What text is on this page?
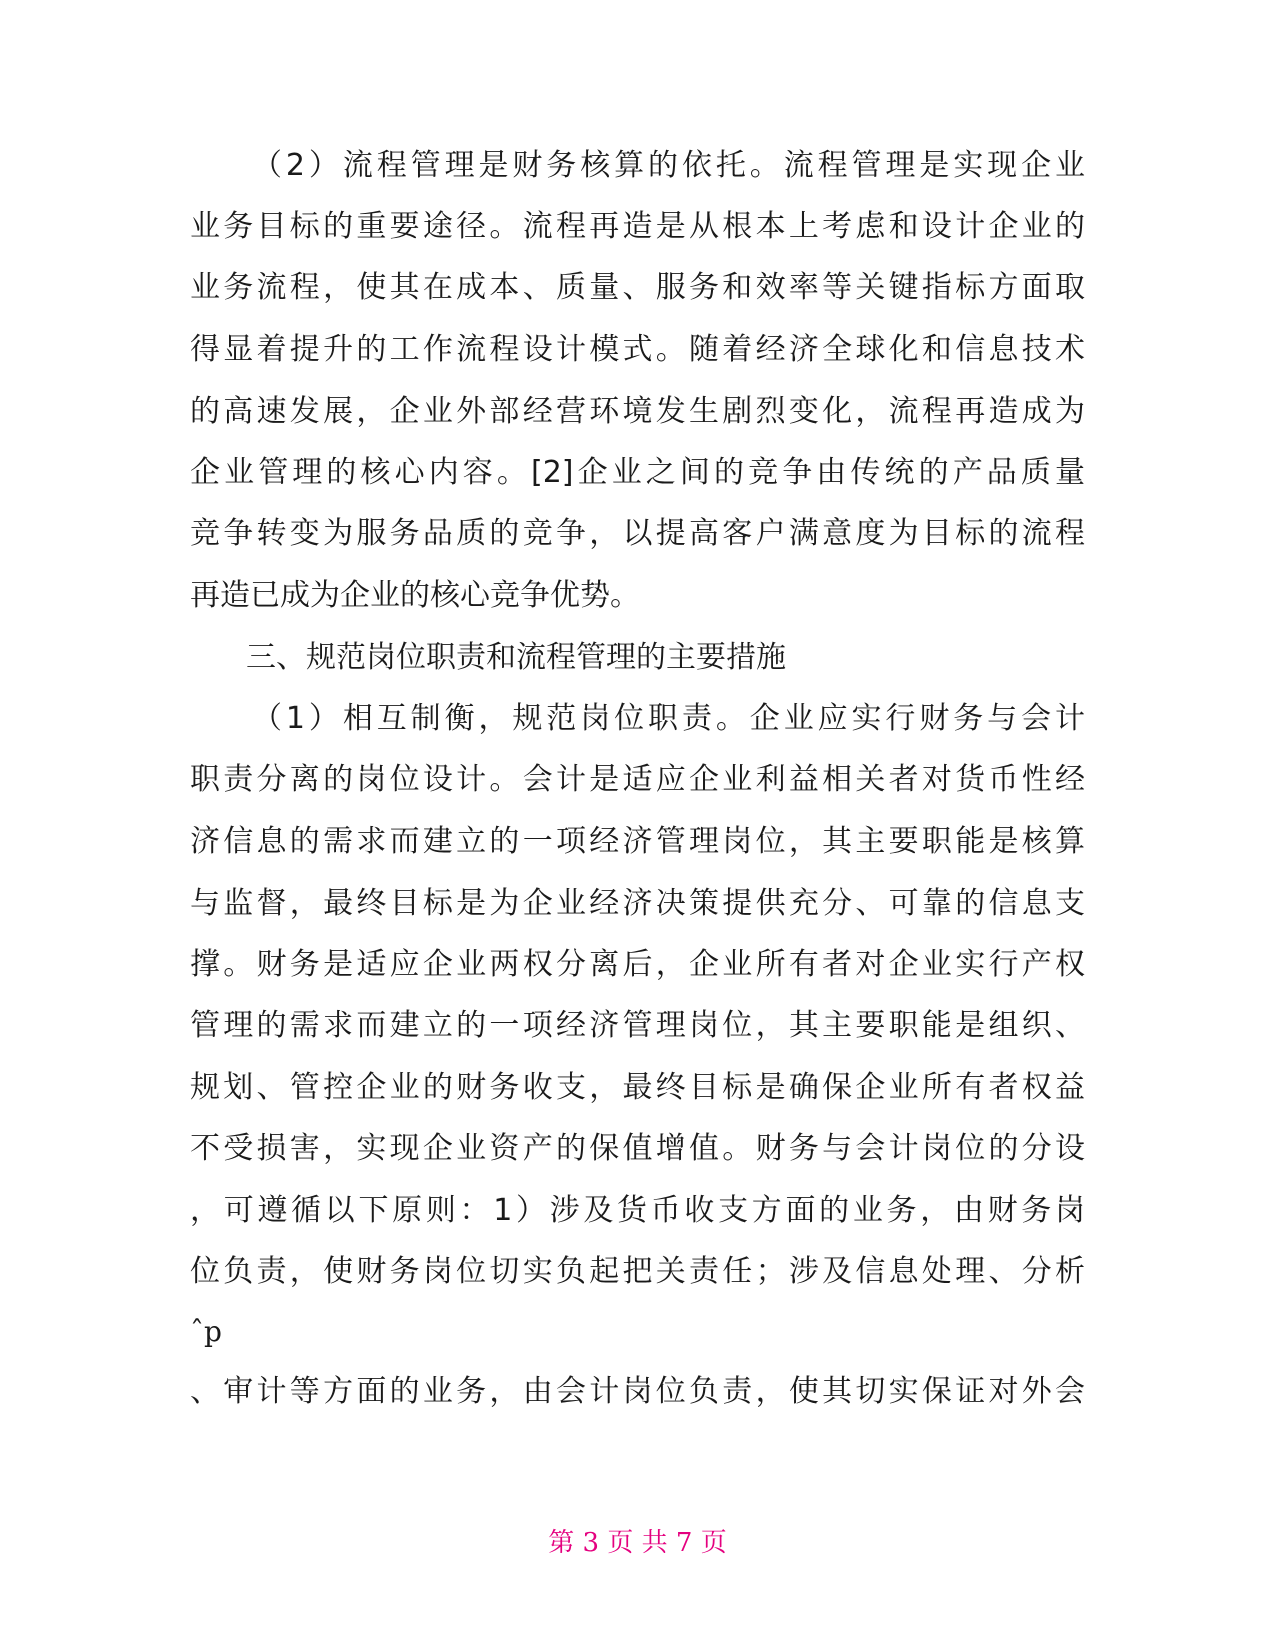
（2）流程管理是财务核算的依托。流程管理是实现企业
业务目标的重要途径。流程再造是从根本上考虑和设计企业的
业务流程，使其在成本、质量、服务和效率等关键指标方面取
得显着提升的工作流程设计模式。随着经济全球化和信息技术
的高速发展，企业外部经营环境发生剧烈变化，流程再造成为
企业管理的核心内容。[2]企业之间的竞争由传统的产品质量
竞争转变为服务品质的竞争，以提高客户满意度为目标的流程
再造已成为企业的核心竞争优势。
三、规范岗位职责和流程管理的主要措施
（1）相互制衡，规范岗位职责。企业应实行财务与会计
职责分离的岗位设计。会计是适应企业利益相关者对货币性经
济信息的需求而建立的一项经济管理岗位，其主要职能是核算
与监督，最终目标是为企业经济决策提供充分、可靠的信息支
撑。财务是适应企业两权分离后，企业所有者对企业实行产权
管理的需求而建立的一项经济管理岗位，其主要职能是组织、
规划、管控企业的财务收支，最终目标是确保企业所有者权益
不受损害，实现企业资产的保值增值。财务与会计岗位的分设
，可遵循以下原则：1）涉及货币收支方面的业务，由财务岗
位负责，使财务岗位切实负起把关责任；涉及信息处理、分析
ˆp
、审计等方面的业务，由会计岗位负责，使其切实保证对外会
第 3 页 共 7 页
